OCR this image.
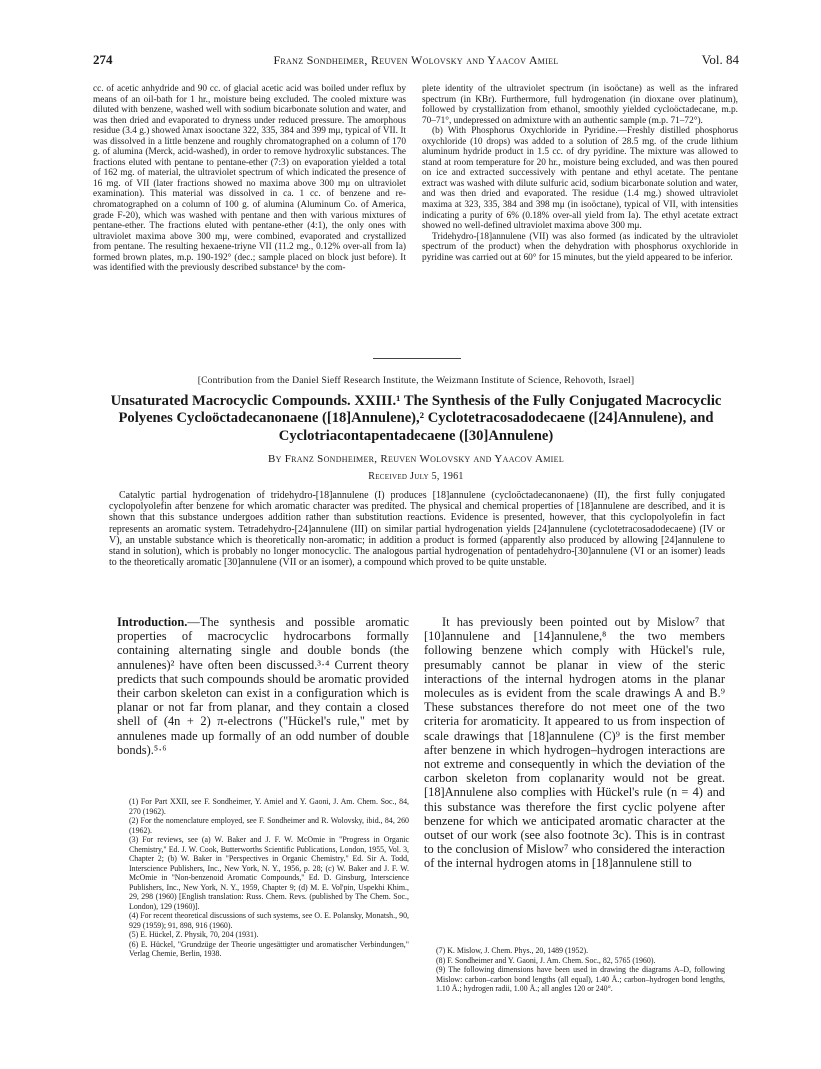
274	Franz Sondheimer, Reuven Wolovsky and Yaacov Amiel	Vol. 84

cc. of acetic anhydride and 90 cc. of glacial acetic acid was boiled under reflux by means of an oil-bath for 1 hr., moisture being excluded. The cooled mixture was diluted with benzene, washed well with sodium bicarbonate solution and water, and was then dried and evaporated to dryness under reduced pressure. The amorphous residue (3.4 g.) showed λmax isooctane 322, 335, 384 and 399 mμ, typical of VII. It was dissolved in a little benzene and roughly chromatographed on a column of 170 g. of alumina (Merck, acid-washed), in order to remove hydroxylic substances. The fractions eluted with pentane to pentane-ether (7:3) on evaporation yielded a total of 162 mg. of material, the ultraviolet spectrum of which indicated the presence of 16 mg. of VII (later fractions showed no maxima above 300 mμ on ultraviolet examination). This material was dissolved in ca. 1 cc. of benzene and re-chromatographed on a column of 100 g. of alumina (Aluminum Co. of America, grade F-20), which was washed with pentane and then with various mixtures of pentane-ether. The fractions eluted with pentane-ether (4:1), the only ones with ultraviolet maxima above 300 mμ, were combined, evaporated and crystallized from pentane. The resulting hexaene-triyne VII (11.2 mg., 0.12% over-all from Ia) formed brown plates, m.p. 190-192° (dec.; sample placed on block just before). It was identified with the previously described substance¹ by the com-

plete identity of the ultraviolet spectrum (in isoöctane) as well as the infrared spectrum (in KBr). Furthermore, full hydrogenation (in dioxane over platinum), followed by crystallization from ethanol, smoothly yielded cycloöctadecane, m.p. 70–71°, undepressed on admixture with an authentic sample (m.p. 71–72°).

(b) With Phosphorus Oxychloride in Pyridine.—Freshly distilled phosphorus oxychloride (10 drops) was added to a solution of 28.5 mg. of the crude lithium aluminum hydride product in 1.5 cc. of dry pyridine. The mixture was allowed to stand at room temperature for 20 hr., moisture being excluded, and was then poured on ice and extracted successively with pentane and ethyl acetate. The pentane extract was washed with dilute sulfuric acid, sodium bicarbonate solution and water, and was then dried and evaporated. The residue (1.4 mg.) showed ultraviolet maxima at 323, 335, 384 and 398 mμ (in isoöctane), typical of VII, with intensities indicating a purity of 6% (0.18% over-all yield from Ia). The ethyl acetate extract showed no well-defined ultraviolet maxima above 300 mμ.

Tridehydro-[18]annulene (VII) was also formed (as indicated by the ultraviolet spectrum of the product) when the dehydration with phosphorus oxychloride in pyridine was carried out at 60° for 15 minutes, but the yield appeared to be inferior.

[Contribution from the Daniel Sieff Research Institute, the Weizmann Institute of Science, Rehovoth, Israel]
Unsaturated Macrocyclic Compounds. XXIII.¹ The Synthesis of the Fully Conjugated Macrocyclic Polyenes Cycloöctadecanonaene ([18]Annulene),² Cyclotetracosadodecaene ([24]Annulene), and Cyclotriacontapentadecaene ([30]Annulene)
By Franz Sondheimer, Reuven Wolovsky and Yaacov Amiel
Received July 5, 1961
Catalytic partial hydrogenation of tridehydro-[18]annulene (I) produces [18]annulene (cycloöctadecanonaene) (II), the first fully conjugated cyclopolyolefin after benzene for which aromatic character was predited. The physical and chemical properties of [18]annulene are described, and it is shown that this substance undergoes addition rather than substitution reactions. Evidence is presented, however, that this cyclopolyolefin in fact represents an aromatic system. Tetradehydro-[24]annulene (III) on similar partial hydrogenation yields [24]annulene (cyclotetracosadodecaene) (IV or V), an unstable substance which is theoretically non-aromatic; in addition a product is formed (apparently also produced by allowing [24]annulene to stand in solution), which is probably no longer monocyclic. The analogous partial hydrogenation of pentadehydro-[30]annulene (VI or an isomer) leads to the theoretically aromatic [30]annulene (VII or an isomer), a compound which proved to be quite unstable.
Introduction.—The synthesis and possible aromatic properties of macrocyclic hydrocarbons formally containing alternating single and double bonds (the annulenes)² have often been discussed.³·⁴ Current theory predicts that such compounds should be aromatic provided their carbon skeleton can exist in a configuration which is planar or not far from planar, and they contain a closed shell of (4n + 2) π-electrons ("Hückel's rule," met by annulenes made up formally of an odd number of double bonds).⁵·⁶
It has previously been pointed out by Mislow⁷ that [10]annulene and [14]annulene,⁸ the two members following benzene which comply with Hückel's rule, presumably cannot be planar in view of the steric interactions of the internal hydrogen atoms in the planar molecules as is evident from the scale drawings A and B.⁹ These substances therefore do not meet one of the two criteria for aromaticity. It appeared to us from inspection of scale drawings that [18]annulene (C)⁹ is the first member after benzene in which hydrogen–hydrogen interactions are not extreme and consequently in which the deviation of the carbon skeleton from coplanarity would not be great. [18]Annulene also complies with Hückel's rule (n = 4) and this substance was therefore the first cyclic polyene after benzene for which we anticipated aromatic character at the outset of our work (see also footnote 3c). This is in contrast to the conclusion of Mislow⁷ who considered the interaction of the internal hydrogen atoms in [18]annulene still to

(1) For Part XXII, see F. Sondheimer, Y. Amiel and Y. Gaoni, J. Am. Chem. Soc., 84, 270 (1962).

(2) For the nomenclature employed, see F. Sondheimer and R. Wolovsky, ibid., 84, 260 (1962).

(3) For reviews, see (a) W. Baker and J. F. W. McOmie in "Progress in Organic Chemistry," Ed. J. W. Cook, Butterworths Scientific Publications, London, 1955, Vol. 3, Chapter 2; (b) W. Baker in "Perspectives in Organic Chemistry," Ed. Sir A. Todd, Interscience Publishers, Inc., New York, N. Y., 1956, p. 28; (c) W. Baker and J. F. W. McOmie in "Non-benzenoid Aromatic Compounds," Ed. D. Ginsburg, Interscience Publishers, Inc., New York, N. Y., 1959, Chapter 9; (d) M. E. Vol'pin, Uspekhi Khim., 29, 298 (1960) [English translation: Russ. Chem. Revs. (published by The Chem. Soc., London), 129 (1960)].

(4) For recent theoretical discussions of such systems, see O. E. Polansky, Monatsh., 90, 929 (1959); 91, 898, 916 (1960).

(5) E. Hückel, Z. Physik, 70, 204 (1931).

(6) E. Hückel, "Grundzüge der Theorie ungesättigter und aromatischer Verbindungen," Verlag Chemie, Berlin, 1938.	(7) K. Mislow, J. Chem. Phys., 20, 1489 (1952).

(8) F. Sondheimer and Y. Gaoni, J. Am. Chem. Soc., 82, 5765 (1960).

(9) The following dimensions have been used in drawing the diagrams A–D, following Mislow: carbon–carbon bond lengths (all equal), 1.40 Å.; carbon–hydrogen bond lengths, 1.10 Å.; hydrogen radii, 1.00 Å.; all angles 120 or 240°.
